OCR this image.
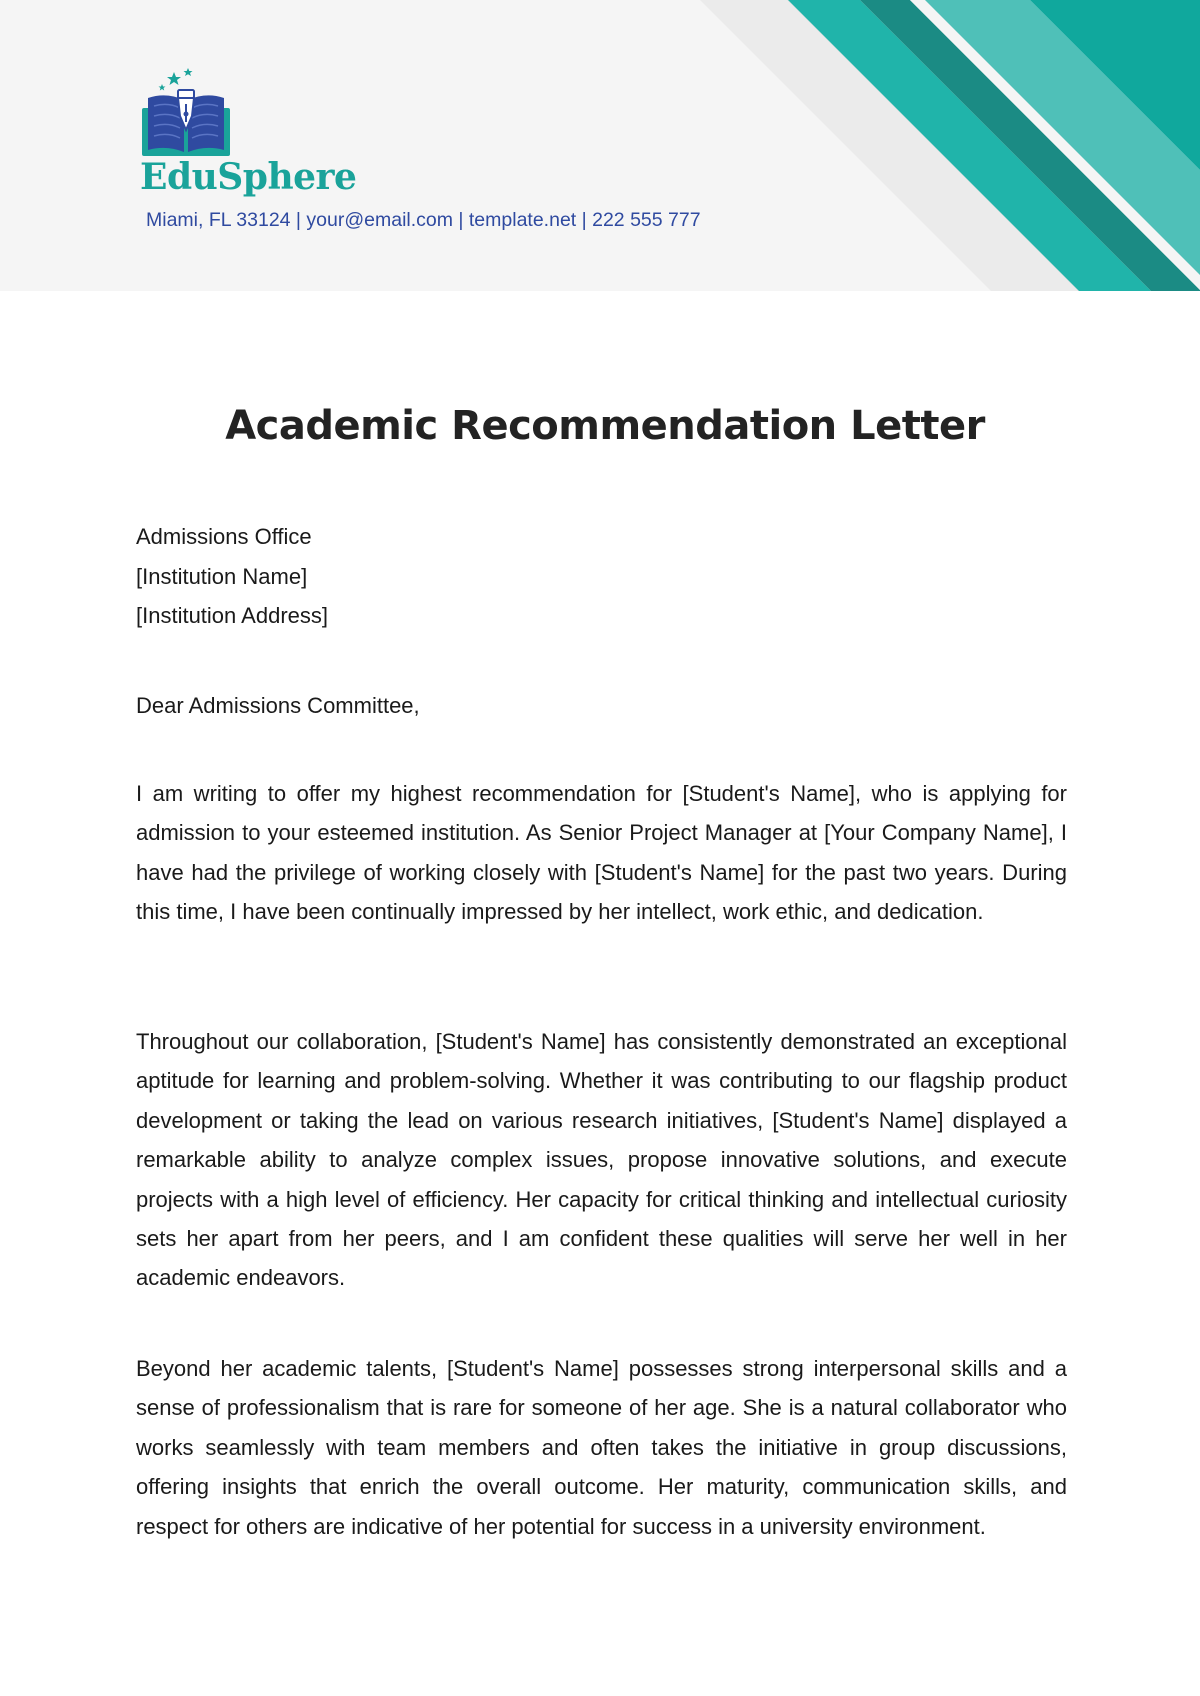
EduSphere
Miami, FL 33124 | your@email.com | template.net | 222 555 777
Academic Recommendation Letter
Admissions Office
[Institution Name]
[Institution Address]
Dear Admissions Committee,
I am writing to offer my highest recommendation for [Student's Name], who is applying for admission to your esteemed institution. As Senior Project Manager at [Your Company Name], I have had the privilege of working closely with [Student's Name] for the past two years. During this time, I have been continually impressed by her intellect, work ethic, and dedication.
Throughout our collaboration, [Student's Name] has consistently demonstrated an exceptional aptitude for learning and problem-solving. Whether it was contributing to our flagship product development or taking the lead on various research initiatives, [Student's Name] displayed a remarkable ability to analyze complex issues, propose innovative solutions, and execute projects with a high level of efficiency. Her capacity for critical thinking and intellectual curiosity sets her apart from her peers, and I am confident these qualities will serve her well in her academic endeavors.
Beyond her academic talents, [Student's Name] possesses strong interpersonal skills and a sense of professionalism that is rare for someone of her age. She is a natural collaborator who works seamlessly with team members and often takes the initiative in group discussions, offering insights that enrich the overall outcome. Her maturity, communication skills, and respect for others are indicative of her potential for success in a university environment.
